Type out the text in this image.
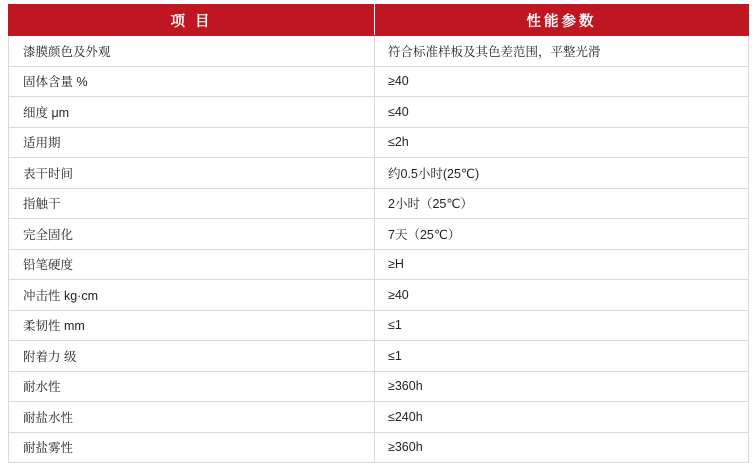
项 目	性能参数
漆膜颜色及外观	符合标准样板及其色差范围，平整光滑
固体含量 %	≥40
细度 μm	≤40
适用期	≤2h
表干时间	约0.5小时(25℃)
指触干	2小时（25℃）
完全固化	7天（25℃）
铅笔硬度	≥H
冲击性 kg·cm	≥40
柔韧性 mm	≤1
附着力 级	≤1
耐水性	≥360h
耐盐水性	≤240h
耐盐雾性	≥360h
